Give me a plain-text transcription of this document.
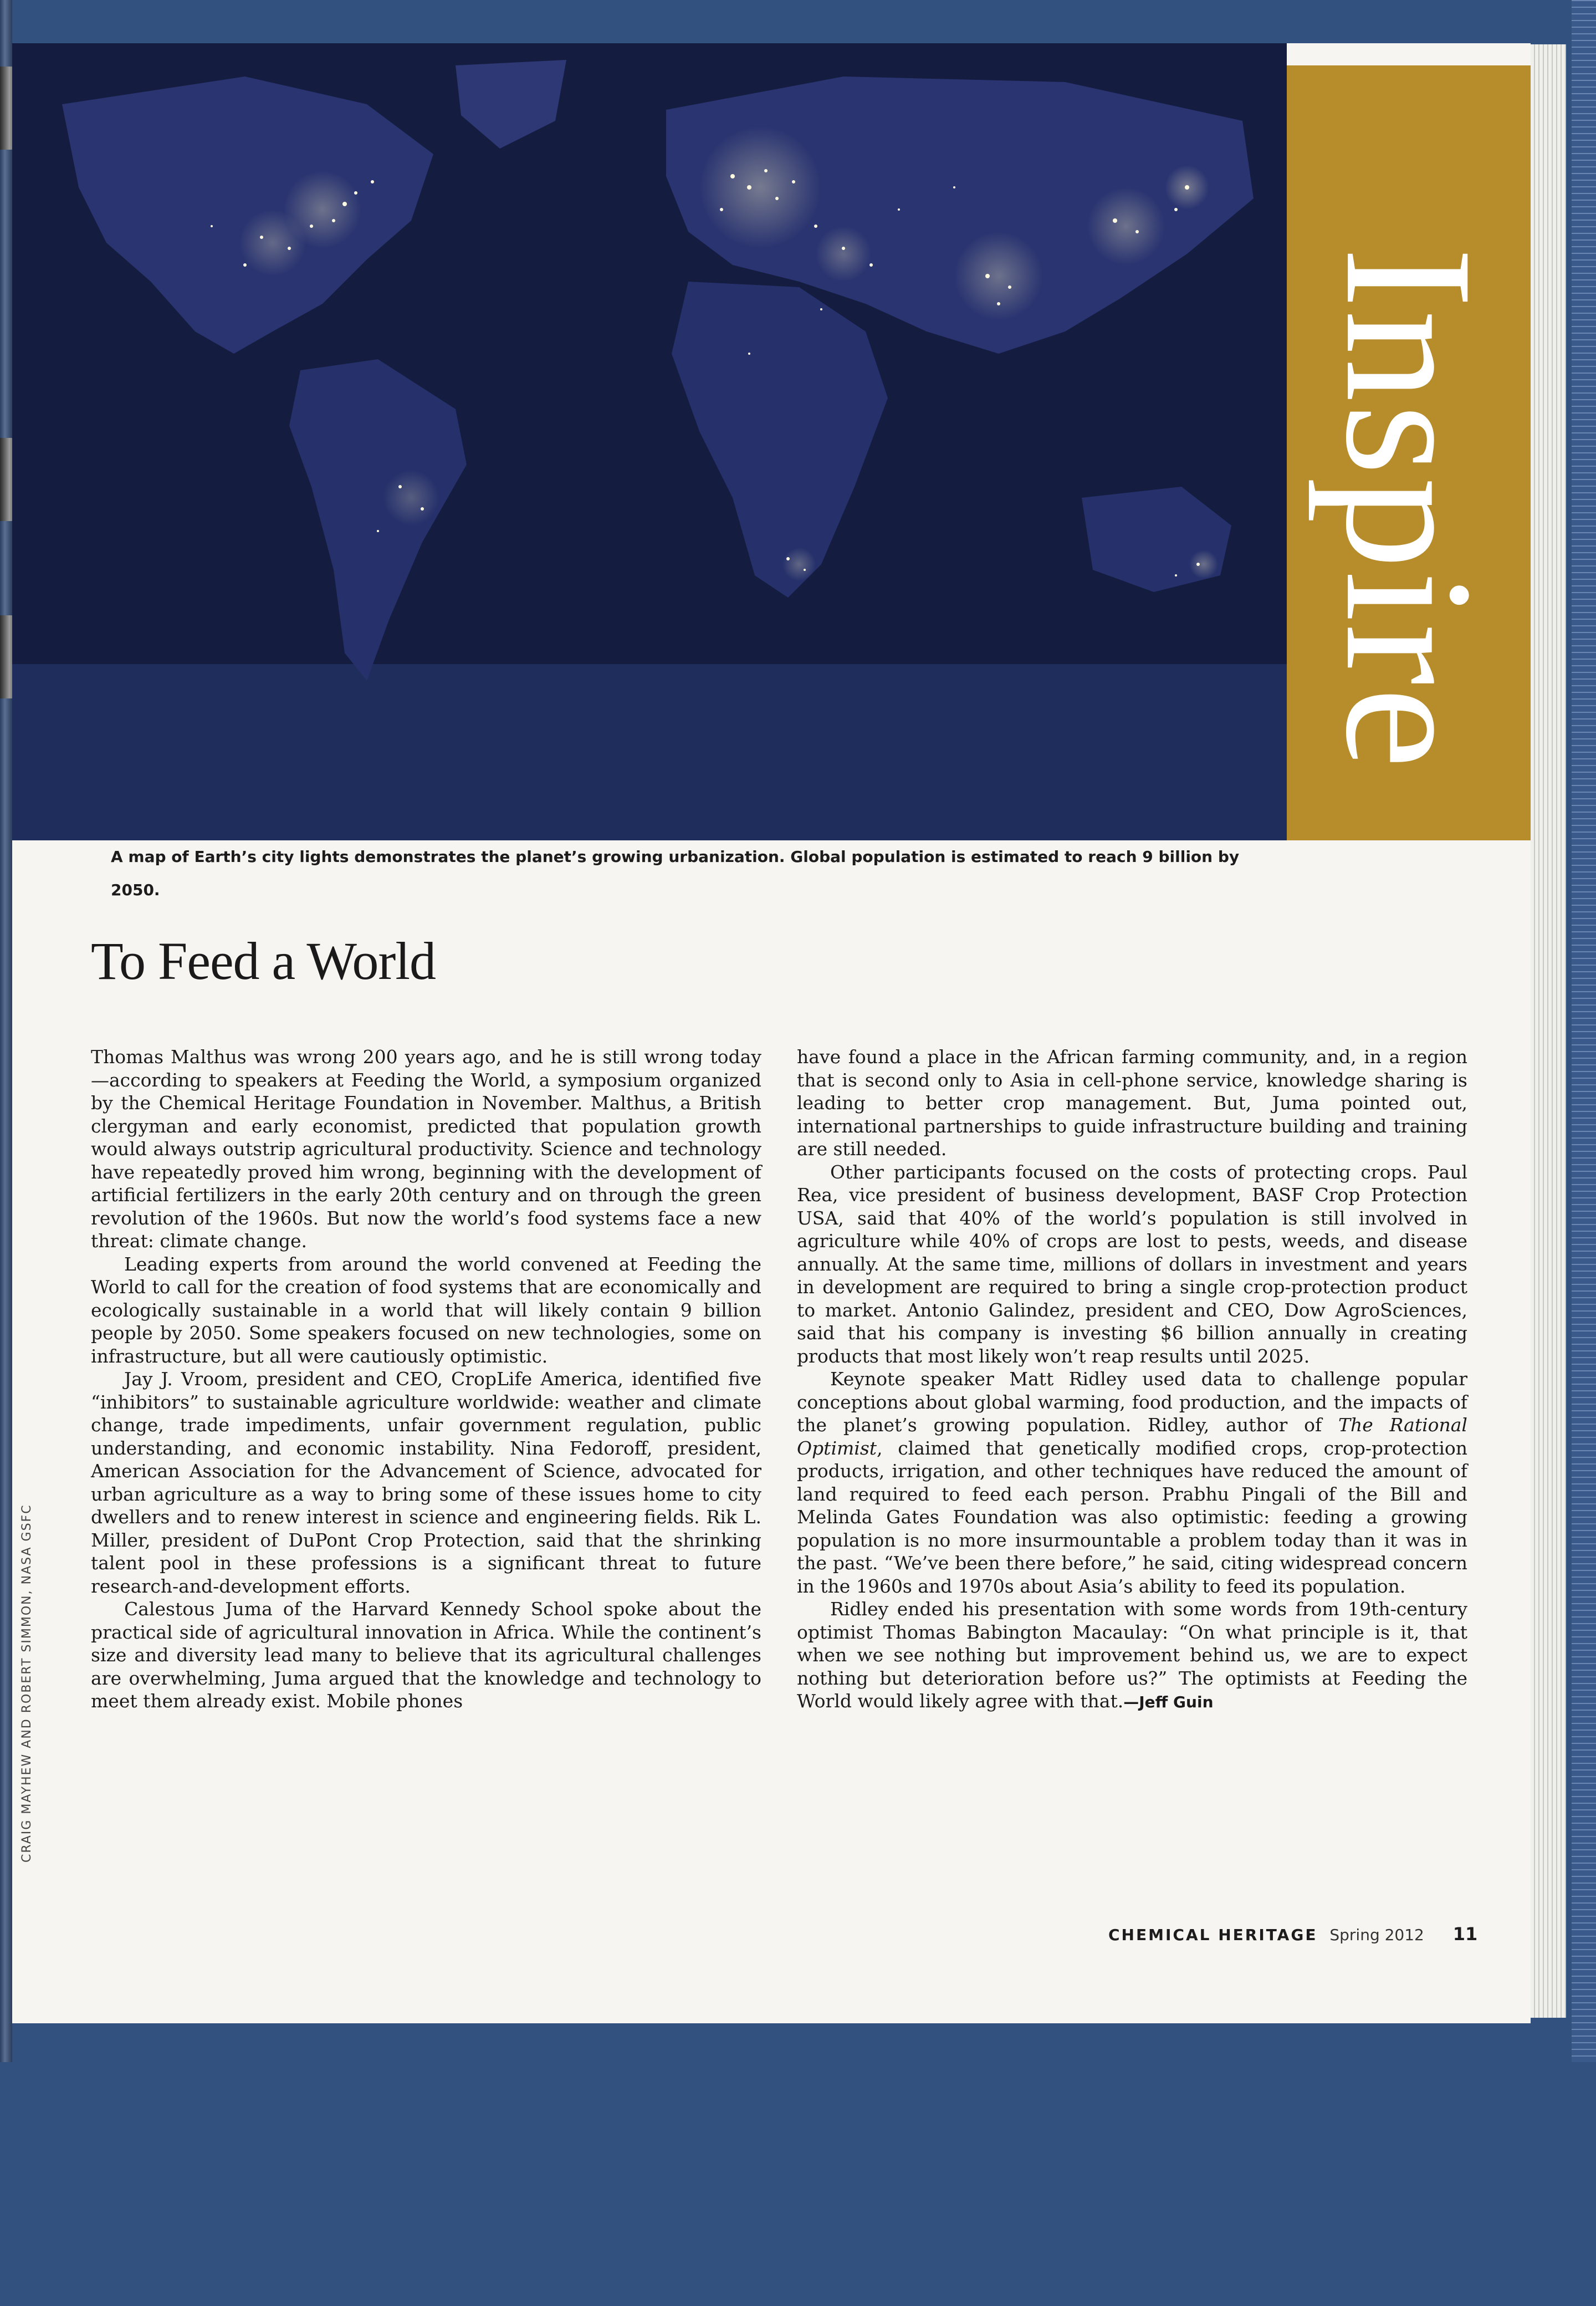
Inspire
A map of Earth’s city lights demonstrates the planet’s growing urbanization. Global population is estimated to reach 9 billion by 2050.
To Feed a World

Thomas Malthus was wrong 200 years ago, and he is still wrong today—according to speakers at Feeding the World, a symposium organized by the Chemical Heritage Foundation in November. Malthus, a British clergyman and early economist, predicted that population growth would always outstrip agricultural productivity. Science and technology have repeatedly proved him wrong, beginning with the development of artificial fertilizers in the early 20th century and on through the green revolution of the 1960s. But now the world’s food systems face a new threat: climate change.

Leading experts from around the world convened at Feeding the World to call for the creation of food systems that are economically and ecologically sustainable in a world that will likely contain 9 billion people by 2050. Some speakers focused on new technologies, some on infrastructure, but all were cautiously optimistic.

Jay J. Vroom, president and CEO, CropLife America, identified five “inhibitors” to sustainable agriculture worldwide: weather and climate change, trade impediments, unfair government regulation, public understanding, and economic instability. Nina Fedoroff, president, American Association for the Advancement of Science, advocated for urban agriculture as a way to bring some of these issues home to city dwellers and to renew interest in science and engineering fields. Rik L. Miller, president of DuPont Crop Protection, said that the shrinking talent pool in these professions is a significant threat to future research-and-development efforts.

Calestous Juma of the Harvard Kennedy School spoke about the practical side of agricultural innovation in Africa. While the continent’s size and diversity lead many to believe that its agricultural challenges are overwhelming, Juma argued that the knowledge and technology to meet them already exist. Mobile phones

have found a place in the African farming community, and, in a region that is second only to Asia in cell-phone service, knowledge sharing is leading to better crop management. But, Juma pointed out, international partnerships to guide infrastructure building and training are still needed.

Other participants focused on the costs of protecting crops. Paul Rea, vice president of business development, BASF Crop Protection USA, said that 40% of the world’s population is still involved in agriculture while 40% of crops are lost to pests, weeds, and disease annually. At the same time, millions of dollars in investment and years in development are required to bring a single crop-protection product to market. Antonio Galindez, president and CEO, Dow AgroSciences, said that his company is investing $6 billion annually in creating products that most likely won’t reap results until 2025.

Keynote speaker Matt Ridley used data to challenge popular conceptions about global warming, food production, and the impacts of the planet’s growing population. Ridley, author of The Rational Optimist, claimed that genetically modified crops, crop-protection products, irrigation, and other techniques have reduced the amount of land required to feed each person. Prabhu Pingali of the Bill and Melinda Gates Foundation was also optimistic: feeding a growing population is no more insurmountable a problem today than it was in the past. “We’ve been there before,” he said, citing widespread concern in the 1960s and 1970s about Asia’s ability to feed its population.

Ridley ended his presentation with some words from 19th-century optimist Thomas Babington Macaulay: “On what principle is it, that when we see nothing but improvement behind us, we are to expect nothing but deterioration before us?” The optimists at Feeding the World would likely agree with that.—Jeff Guin

CHEMICAL HERITAGE Spring 2012 11
CRAIG MAYHEW AND ROBERT SIMMON, NASA GSFC
